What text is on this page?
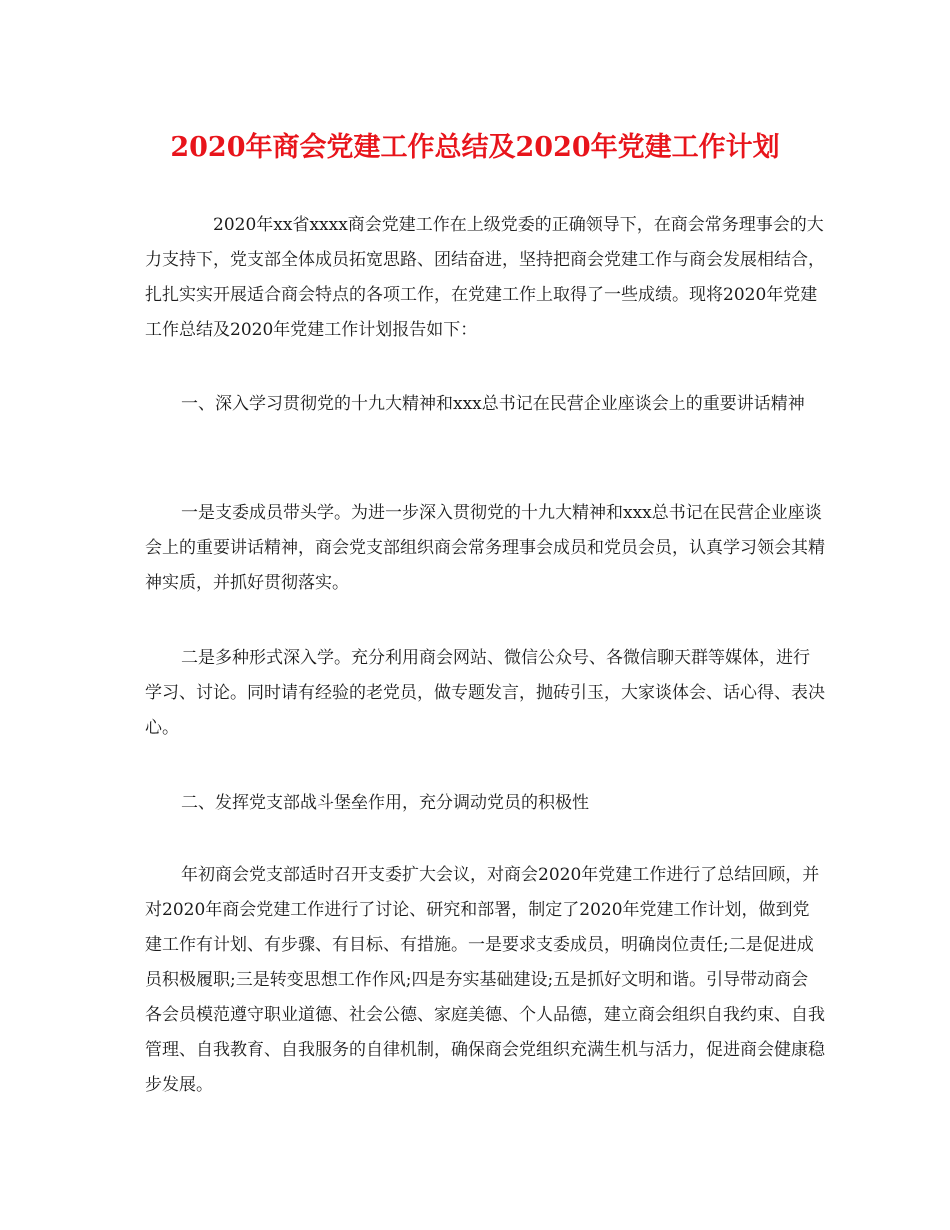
2020年商会党建工作总结及2020年党建工作计划

2020年xx省xxxx商会党建工作在上级党委的正确领导下，在商会常务理事会的大力支持下，党支部全体成员拓宽思路、团结奋进，坚持把商会党建工作与商会发展相结合，扎扎实实开展适合商会特点的各项工作，在党建工作上取得了一些成绩。现将2020年党建工作总结及2020年党建工作计划报告如下：

一、深入学习贯彻党的十九大精神和xxx总书记在民营企业座谈会上的重要讲话精神

一是支委成员带头学。为进一步深入贯彻党的十九大精神和xxx总书记在民营企业座谈会上的重要讲话精神，商会党支部组织商会常务理事会成员和党员会员，认真学习领会其精神实质，并抓好贯彻落实。

二是多种形式深入学。充分利用商会网站、微信公众号、各微信聊天群等媒体，进行学习、讨论。同时请有经验的老党员，做专题发言，抛砖引玉，大家谈体会、话心得、表决心。

二、发挥党支部战斗堡垒作用，充分调动党员的积极性

年初商会党支部适时召开支委扩大会议，对商会2020年党建工作进行了总结回顾，并对2020年商会党建工作进行了讨论、研究和部署，制定了2020年党建工作计划，做到党建工作有计划、有步骤、有目标、有措施。一是要求支委成员，明确岗位责任;二是促进成员积极履职;三是转变思想工作作风;四是夯实基础建设;五是抓好文明和谐。引导带动商会各会员模范遵守职业道德、社会公德、家庭美德、个人品德，建立商会组织自我约束、自我管理、自我教育、自我服务的自律机制，确保商会党组织充满生机与活力，促进商会健康稳步发展。
